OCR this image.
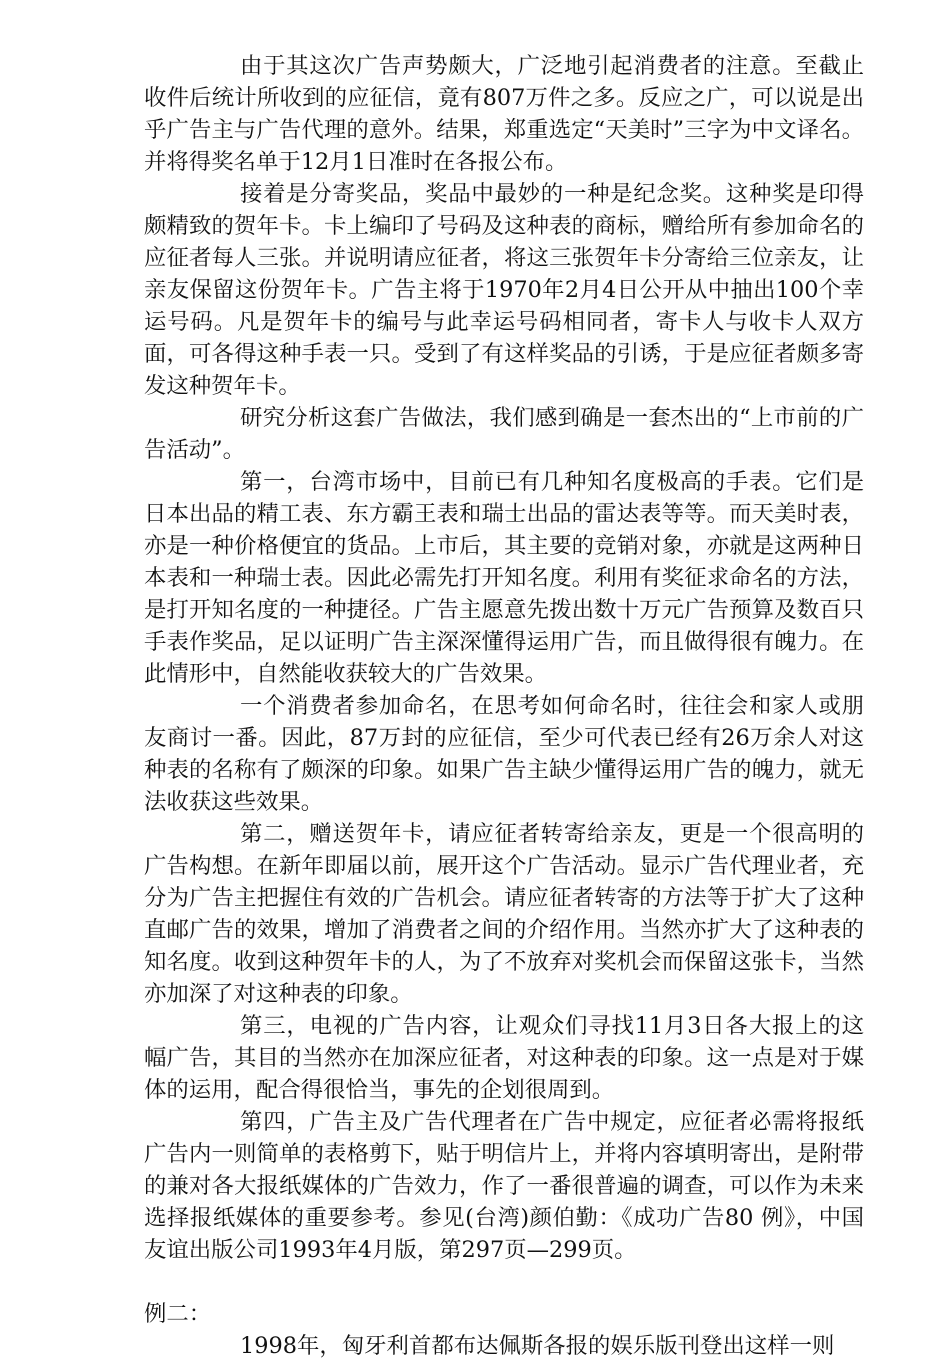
由于其这次广告声势颇大，广泛地引起消费者的注意。至截止收件后统计所收到的应征信，竟有807万件之多。反应之广，可以说是出乎广告主与广告代理的意外。结果，郑重选定“天美时”三字为中文译名。并将得奖名单于12月1日准时在各报公布。

接着是分寄奖品，奖品中最妙的一种是纪念奖。这种奖是印得颇精致的贺年卡。卡上编印了号码及这种表的商标，赠给所有参加命名的应征者每人三张。并说明请应征者，将这三张贺年卡分寄给三位亲友，让亲友保留这份贺年卡。广告主将于1970年2月4日公开从中抽出100个幸运号码。凡是贺年卡的编号与此幸运号码相同者，寄卡人与收卡人双方面，可各得这种手表一只。受到了有这样奖品的引诱，于是应征者颇多寄发这种贺年卡。

研究分析这套广告做法，我们感到确是一套杰出的“上市前的广告活动”。

第一，台湾市场中，目前已有几种知名度极高的手表。它们是日本出品的精工表、东方霸王表和瑞士出品的雷达表等等。而天美时表，亦是一种价格便宜的货品。上市后，其主要的竞销对象，亦就是这两种日本表和一种瑞士表。因此必需先打开知名度。利用有奖征求命名的方法，是打开知名度的一种捷径。广告主愿意先拨出数十万元广告预算及数百只手表作奖品，足以证明广告主深深懂得运用广告，而且做得很有魄力。在此情形中，自然能收获较大的广告效果。

一个消费者参加命名，在思考如何命名时，往往会和家人或朋友商讨一番。因此，87万封的应征信，至少可代表已经有26万余人对这种表的名称有了颇深的印象。如果广告主缺少懂得运用广告的魄力，就无法收获这些效果。

第二，赠送贺年卡，请应征者转寄给亲友，更是一个很高明的广告构想。在新年即届以前，展开这个广告活动。显示广告代理业者，充分为广告主把握住有效的广告机会。请应征者转寄的方法等于扩大了这种直邮广告的效果，增加了消费者之间的介绍作用。当然亦扩大了这种表的知名度。收到这种贺年卡的人，为了不放弃对奖机会而保留这张卡，当然亦加深了对这种表的印象。

第三，电视的广告内容，让观众们寻找11月3日各大报上的这幅广告，其目的当然亦在加深应征者，对这种表的印象。这一点是对于媒体的运用，配合得很恰当，事先的企划很周到。

第四，广告主及广告代理者在广告中规定，应征者必需将报纸广告内一则简单的表格剪下，贴于明信片上，并将内容填明寄出，是附带的兼对各大报纸媒体的广告效力，作了一番很普遍的调查，可以作为未来选择报纸媒体的重要参考。参见(台湾)颜伯勤：《成功广告80 例》，中国友谊出版公司1993年4月版，第297页—299页。

例二：

1998年，匈牙利首都布达佩斯各报的娱乐版刊登出这样一则
